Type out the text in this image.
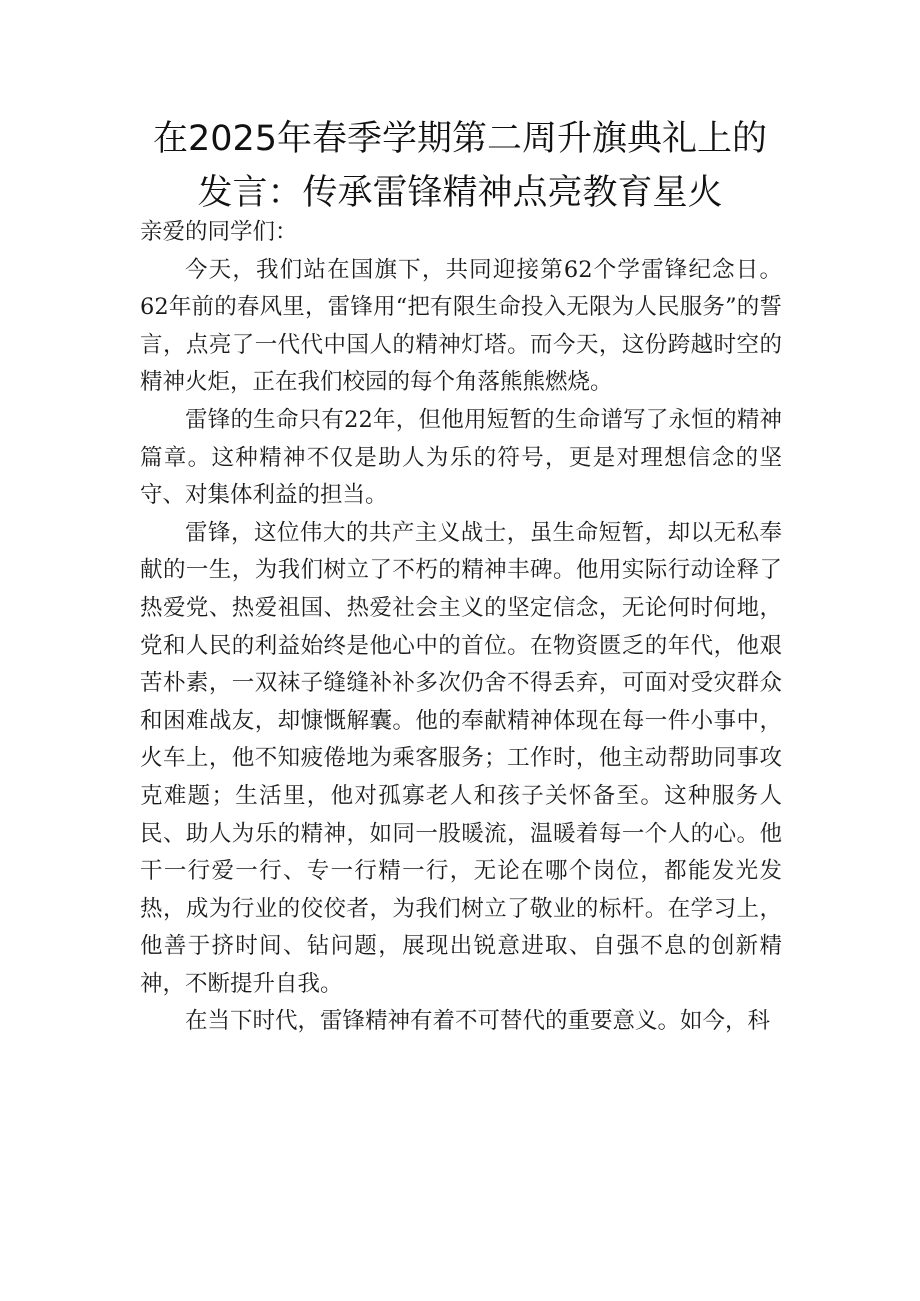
在2025年春季学期第二周升旗典礼上的发言：传承雷锋精神点亮教育星火

亲爱的同学们：

今天，我们站在国旗下，共同迎接第62个学雷锋纪念日。62年前的春风里，雷锋用“把有限生命投入无限为人民服务”的誓言，点亮了一代代中国人的精神灯塔。而今天，这份跨越时空的精神火炬，正在我们校园的每个角落熊熊燃烧。

雷锋的生命只有22年，但他用短暂的生命谱写了永恒的精神篇章。这种精神不仅是助人为乐的符号，更是对理想信念的坚守、对集体利益的担当。

雷锋，这位伟大的共产主义战士，虽生命短暂，却以无私奉献的一生，为我们树立了不朽的精神丰碑。他用实际行动诠释了热爱党、热爱祖国、热爱社会主义的坚定信念，无论何时何地，党和人民的利益始终是他心中的首位。在物资匮乏的年代，他艰苦朴素，一双袜子缝缝补补多次仍舍不得丢弃，可面对受灾群众和困难战友，却慷慨解囊。他的奉献精神体现在每一件小事中，火车上，他不知疲倦地为乘客服务；工作时，他主动帮助同事攻克难题；生活里，他对孤寡老人和孩子关怀备至。这种服务人民、助人为乐的精神，如同一股暖流，温暖着每一个人的心。他干一行爱一行、专一行精一行，无论在哪个岗位，都能发光发热，成为行业的佼佼者，为我们树立了敬业的标杆。在学习上，他善于挤时间、钻问题，展现出锐意进取、自强不息的创新精神，不断提升自我。

在当下时代，雷锋精神有着不可替代的重要意义。如今，科
